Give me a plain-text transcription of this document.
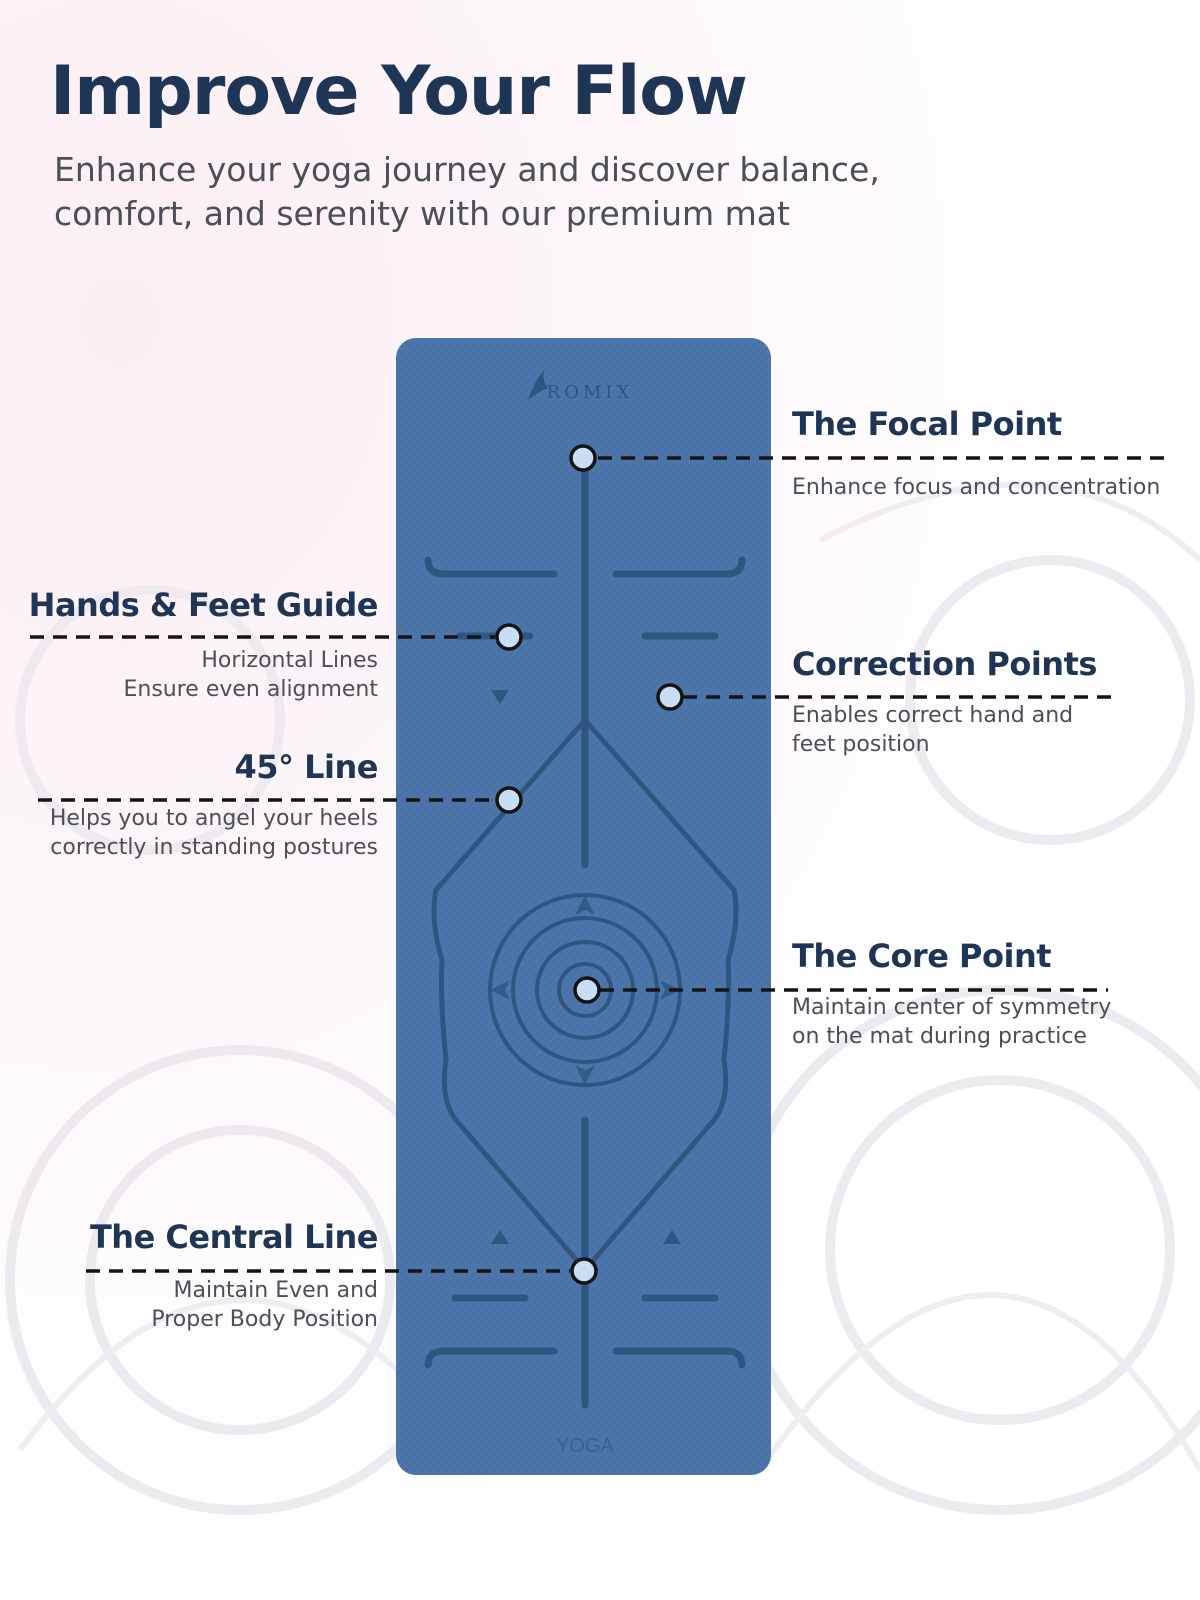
Improve Your Flow

Enhance your yoga journey and discover balance, comfort, and serenity with our premium mat

ROMIX
YOGA
The Focal Point
Enhance focus and concentration
Hands & Feet Guide
Horizontal Lines Ensure even alignment
Correction Points
Enables correct hand and feet position
45° Line
Helps you to angel your heels correctly in standing postures
The Core Point
Maintain center of symmetry on the mat during practice
The Central Line
Maintain Even and Proper Body Position
